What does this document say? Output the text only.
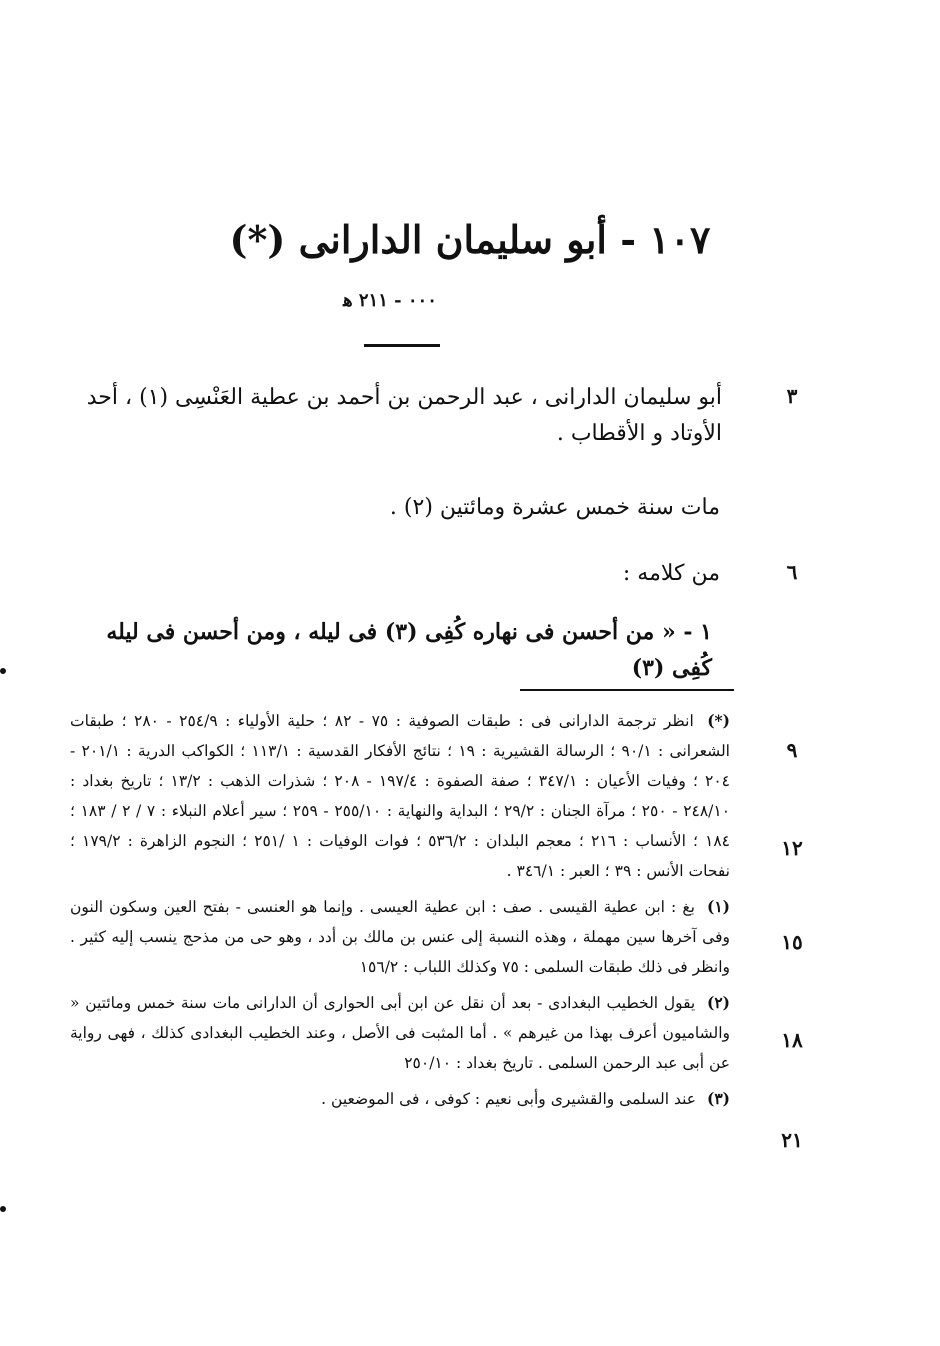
١٠٧ - أبو سليمان الدارانى (*)
٠٠٠ - ٢١١ ﻫ
أبو سليمان الدارانى ، عبد الرحمن بن أحمد بن عطية العَنْسِى (١) ، أحد الأوتاد و الأقطاب .
مات سنة خمس عشرة ومائتين (٢) .
من كلامه :
١ - « من أحسن فى نهاره كُفِى (٣) فى ليله ، ومن أحسن فى ليله كُفِى (٣)
٣
٦
٩
١٢
١٥
١٨
٢١

(*) انظر ترجمة الدارانى فى : طبقات الصوفية : ٧٥ - ٨٢ ؛ حلية الأولياء : ٢٥٤/٩ - ٢٨٠ ؛ طبقات الشعرانى : ٩٠/١ ؛ الرسالة القشيرية : ١٩ ؛ نتائج الأفكار القدسية : ١١٣/١ ؛ الكواكب الدرية : ٢٠١/١ - ٢٠٤ ؛ وفيات الأعيان : ٣٤٧/١ ؛ صفة الصفوة : ١٩٧/٤ - ٢٠٨ ؛ شذرات الذهب : ١٣/٢ ؛ تاريخ بغداد : ٢٤٨/١٠ - ٢٥٠ ؛ مرآة الجنان : ٢٩/٢ ؛ البداية والنهاية : ٢٥٥/١٠ - ٢٥٩ ؛ سير أعلام النبلاء : ٧ / ٢ / ١٨٣ ؛ ١٨٤ ؛ الأنساب : ٢١٦ ؛ معجم البلدان : ٥٣٦/٢ ؛ فوات الوفيات : ١ /٢٥١ ؛ النجوم الزاهرة : ١٧٩/٢ ؛ نفحات الأنس : ٣٩ ؛ العبر : ٣٤٦/١ .

(١) بغ : ابن عطية القيسى . صف : ابن عطية العيسى . وإنما هو العنسى - بفتح العين وسكون النون وفى آخرها سين مهملة ، وهذه النسبة إلى عنس بن مالك بن أدد ، وهو حى من مذحج ينسب إليه كثير . وانظر فى ذلك طبقات السلمى : ٧٥ وكذلك اللباب : ١٥٦/٢

(٢) يقول الخطيب البغدادى - بعد أن نقل عن ابن أبى الحوارى أن الدارانى مات سنة خمس ومائتين « والشاميون أعرف بهذا من غيرهم » . أما المثبت فى الأصل ، وعند الخطيب البغدادى كذلك ، فهى رواية عن أبى عبد الرحمن السلمى . تاريخ بغداد : ٢٥٠/١٠

(٣) عند السلمى والقشيرى وأبى نعيم : كوفى ، فى الموضعين .
